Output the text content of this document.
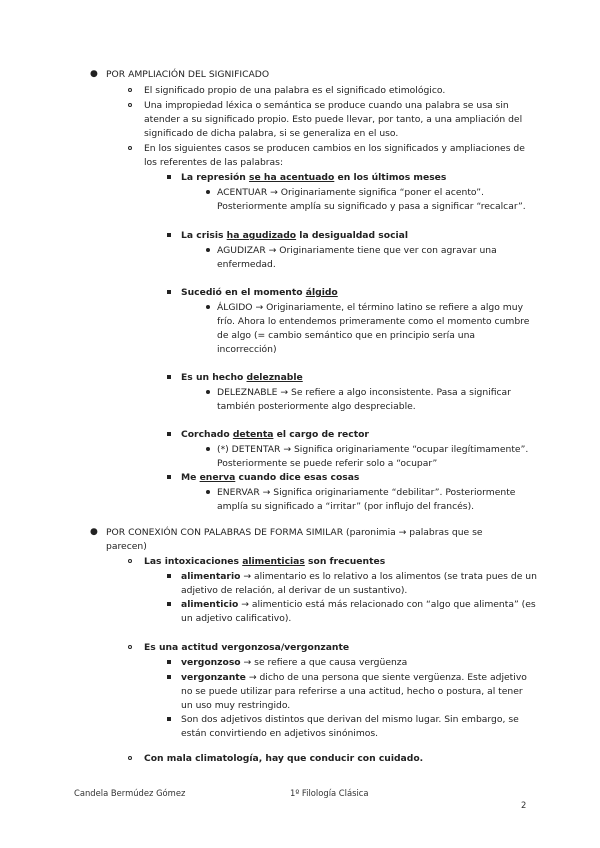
● POR AMPLIACIÓN DEL SIGNIFICADO
El significado propio de una palabra es el significado etimológico.
Una impropiedad léxica o semántica se produce cuando una palabra se usa sin
atender a su significado propio. Esto puede llevar, por tanto, a una ampliación del
significado de dicha palabra, si se generaliza en el uso.
En los siguientes casos se producen cambios en los significados y ampliaciones de
los referentes de las palabras:
La represión se ha acentuado en los últimos meses
ACENTUAR → Originariamente significa “poner el acento”.
Posteriormente amplía su significado y pasa a significar “recalcar”.
La crisis ha agudizado la desigualdad social
AGUDIZAR → Originariamente tiene que ver con agravar una
enfermedad.
Sucedió en el momento álgido
ÁLGIDO → Originariamente, el término latino se refiere a algo muy
frío. Ahora lo entendemos primeramente como el momento cumbre
de algo (= cambio semántico que en principio sería una
incorrección)
Es un hecho deleznable
DELEZNABLE → Se refiere a algo inconsistente. Pasa a significar
también posteriormente algo despreciable.
Corchado detenta el cargo de rector
(*) DETENTAR → Significa originariamente “ocupar ilegítimamente”.
Posteriormente se puede referir solo a “ocupar”
Me enerva cuando dice esas cosas
ENERVAR → Significa originariamente “debilitar”. Posteriormente
amplía su significado a “irritar” (por influjo del francés).
● POR CONEXIÓN CON PALABRAS DE FORMA SIMILAR (paronimia → palabras que se
parecen)
Las intoxicaciones alimenticias son frecuentes
alimentario → alimentario es lo relativo a los alimentos (se trata pues de un
adjetivo de relación, al derivar de un sustantivo).
alimenticio → alimenticio está más relacionado con “algo que alimenta” (es
un adjetivo calificativo).
Es una actitud vergonzosa/vergonzante
vergonzoso → se refiere a que causa vergüenza
vergonzante → dicho de una persona que siente vergüenza. Este adjetivo
no se puede utilizar para referirse a una actitud, hecho o postura, al tener
un uso muy restringido.
Son dos adjetivos distintos que derivan del mismo lugar. Sin embargo, se
están convirtiendo en adjetivos sinónimos.
Con mala climatología, hay que conducir con cuidado.
Candela Bermúdez Gómez	1º Filología Clásica
2
